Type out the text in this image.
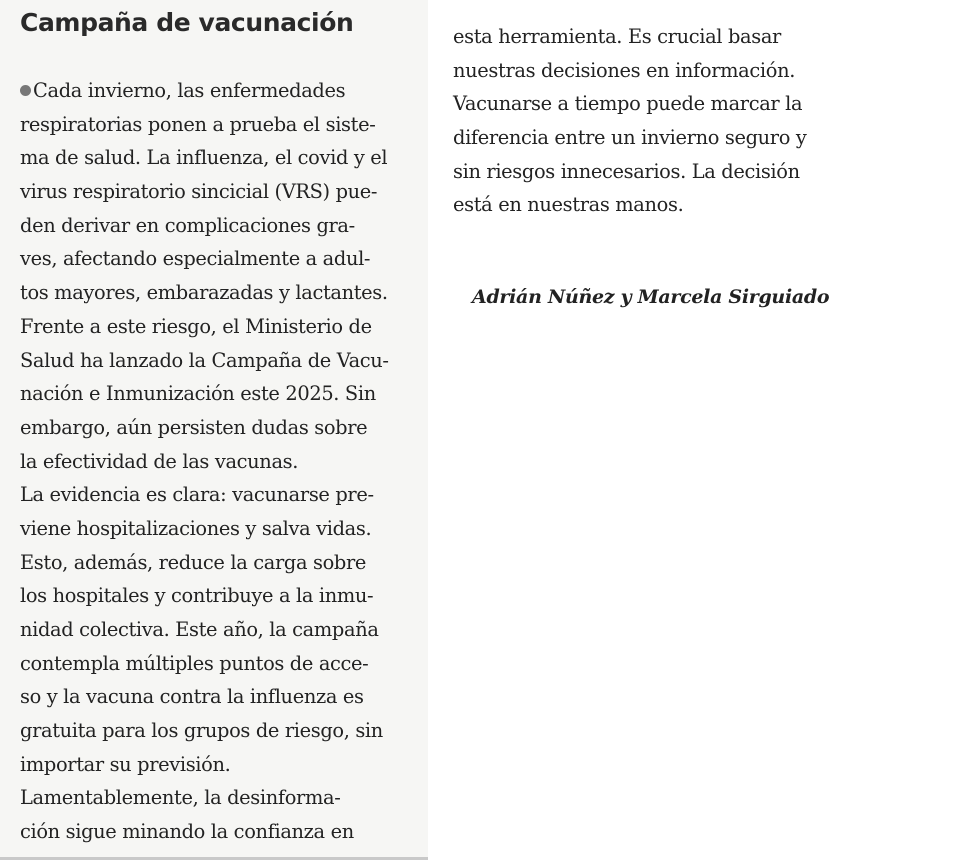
Campaña de vacunación
Cada invierno, las enfermedades
respiratorias ponen a prueba el siste-
ma de salud. La influenza, el covid y el
virus respiratorio sincicial (VRS) pue-
den derivar en complicaciones gra-
ves, afectando especialmente a adul-
tos mayores, embarazadas y lactantes.
Frente a este riesgo, el Ministerio de
Salud ha lanzado la Campaña de Vacu-
nación e Inmunización este 2025. Sin
embargo, aún persisten dudas sobre
la efectividad de las vacunas.
La evidencia es clara: vacunarse pre-
viene hospitalizaciones y salva vidas.
Esto, además, reduce la carga sobre
los hospitales y contribuye a la inmu-
nidad colectiva. Este año, la campaña
contempla múltiples puntos de acce-
so y la vacuna contra la influenza es
gratuita para los grupos de riesgo, sin
importar su previsión.
Lamentablemente, la desinforma-
ción sigue minando la confianza en
esta herramienta. Es crucial basar
nuestras decisiones en información.
Vacunarse a tiempo puede marcar la
diferencia entre un invierno seguro y
sin riesgos innecesarios. La decisión
está en nuestras manos.

Adrián Núñez y Marcela Sirguiado
